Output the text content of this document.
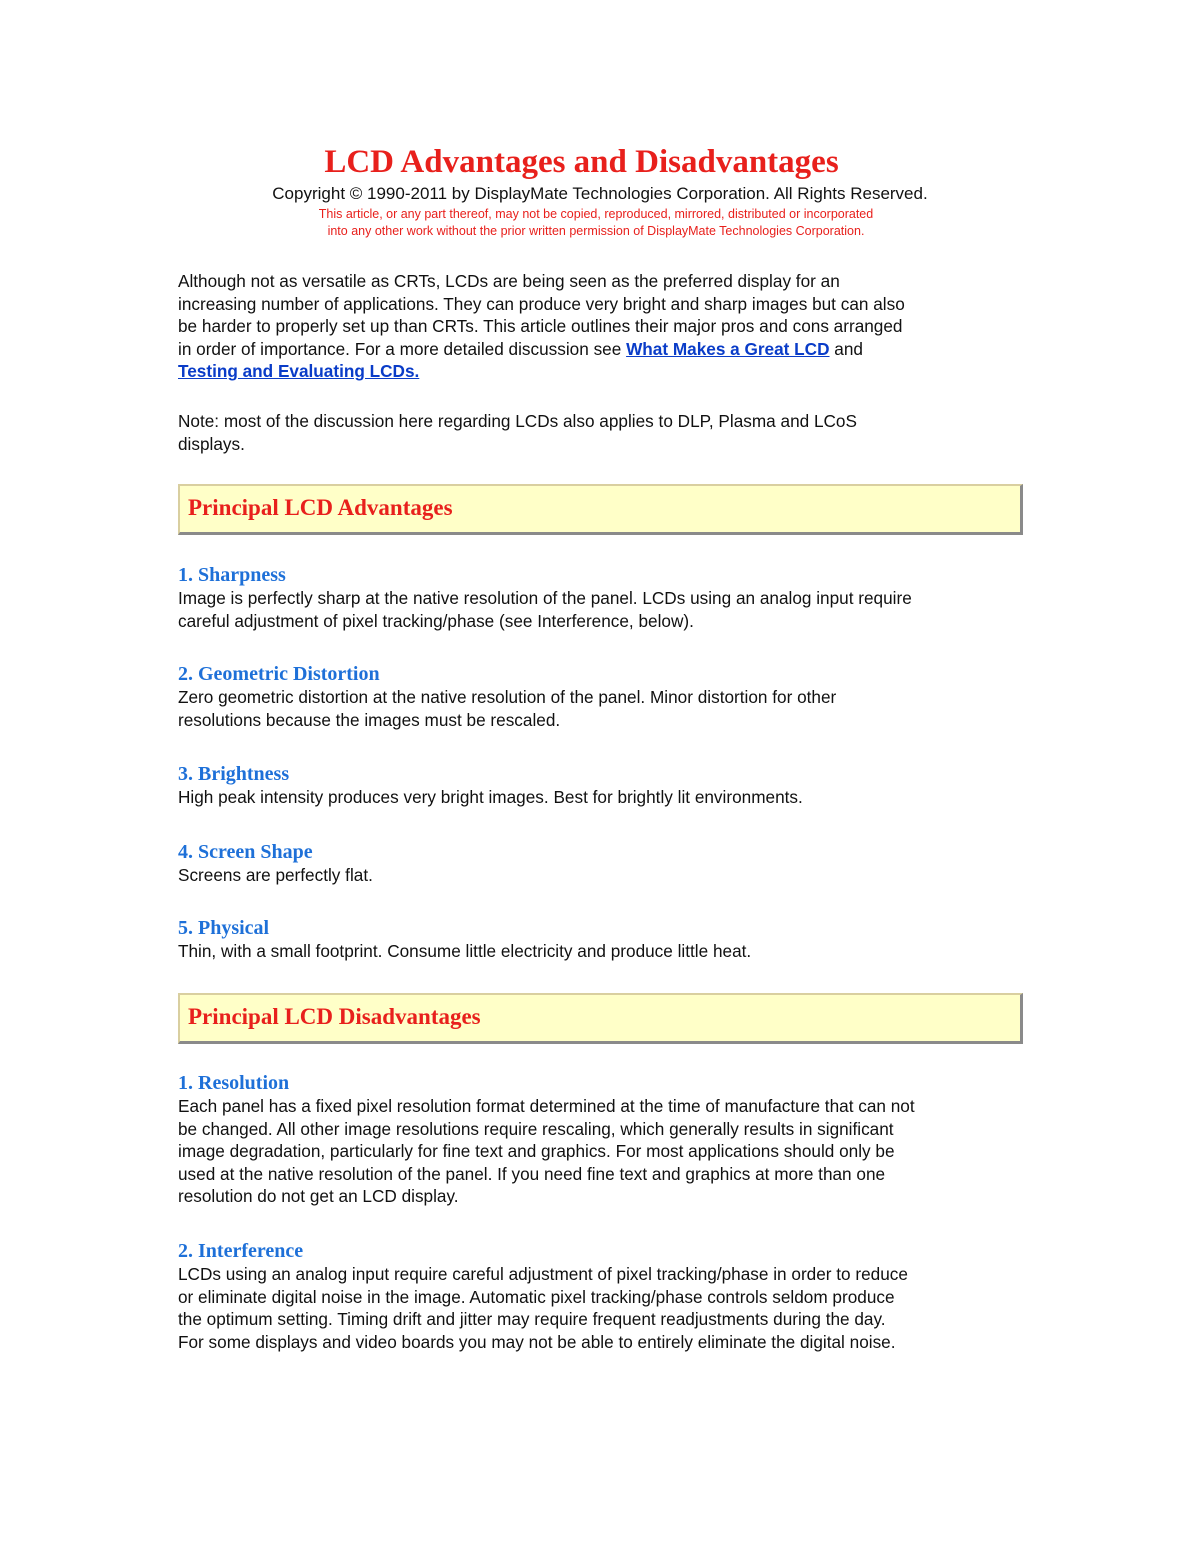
LCD Advantages and Disadvantages
Copyright © 1990-2011 by DisplayMate Technologies Corporation. All Rights Reserved.
This article, or any part thereof, may not be copied, reproduced, mirrored, distributed or incorporated
into any other work without the prior written permission of DisplayMate Technologies Corporation.
Although not as versatile as CRTs, LCDs are being seen as the preferred display for an
increasing number of applications. They can produce very bright and sharp images but can also
be harder to properly set up than CRTs. This article outlines their major pros and cons arranged
in order of importance. For a more detailed discussion see What Makes a Great LCD and
Testing and Evaluating LCDs.
Note: most of the discussion here regarding LCDs also applies to DLP, Plasma and LCoS
displays.
Principal LCD Advantages
1. Sharpness

Image is perfectly sharp at the native resolution of the panel. LCDs using an analog input require

careful adjustment of pixel tracking/phase (see Interference, below).

2. Geometric Distortion

Zero geometric distortion at the native resolution of the panel. Minor distortion for other

resolutions because the images must be rescaled.

3. Brightness

High peak intensity produces very bright images. Best for brightly lit environments.

4. Screen Shape

Screens are perfectly flat.

5. Physical

Thin, with a small footprint. Consume little electricity and produce little heat.

Principal LCD Disadvantages
1. Resolution

Each panel has a fixed pixel resolution format determined at the time of manufacture that can not

be changed. All other image resolutions require rescaling, which generally results in significant

image degradation, particularly for fine text and graphics. For most applications should only be

used at the native resolution of the panel. If you need fine text and graphics at more than one

resolution do not get an LCD display.

2. Interference

LCDs using an analog input require careful adjustment of pixel tracking/phase in order to reduce

or eliminate digital noise in the image. Automatic pixel tracking/phase controls seldom produce

the optimum setting. Timing drift and jitter may require frequent readjustments during the day.

For some displays and video boards you may not be able to entirely eliminate the digital noise.
